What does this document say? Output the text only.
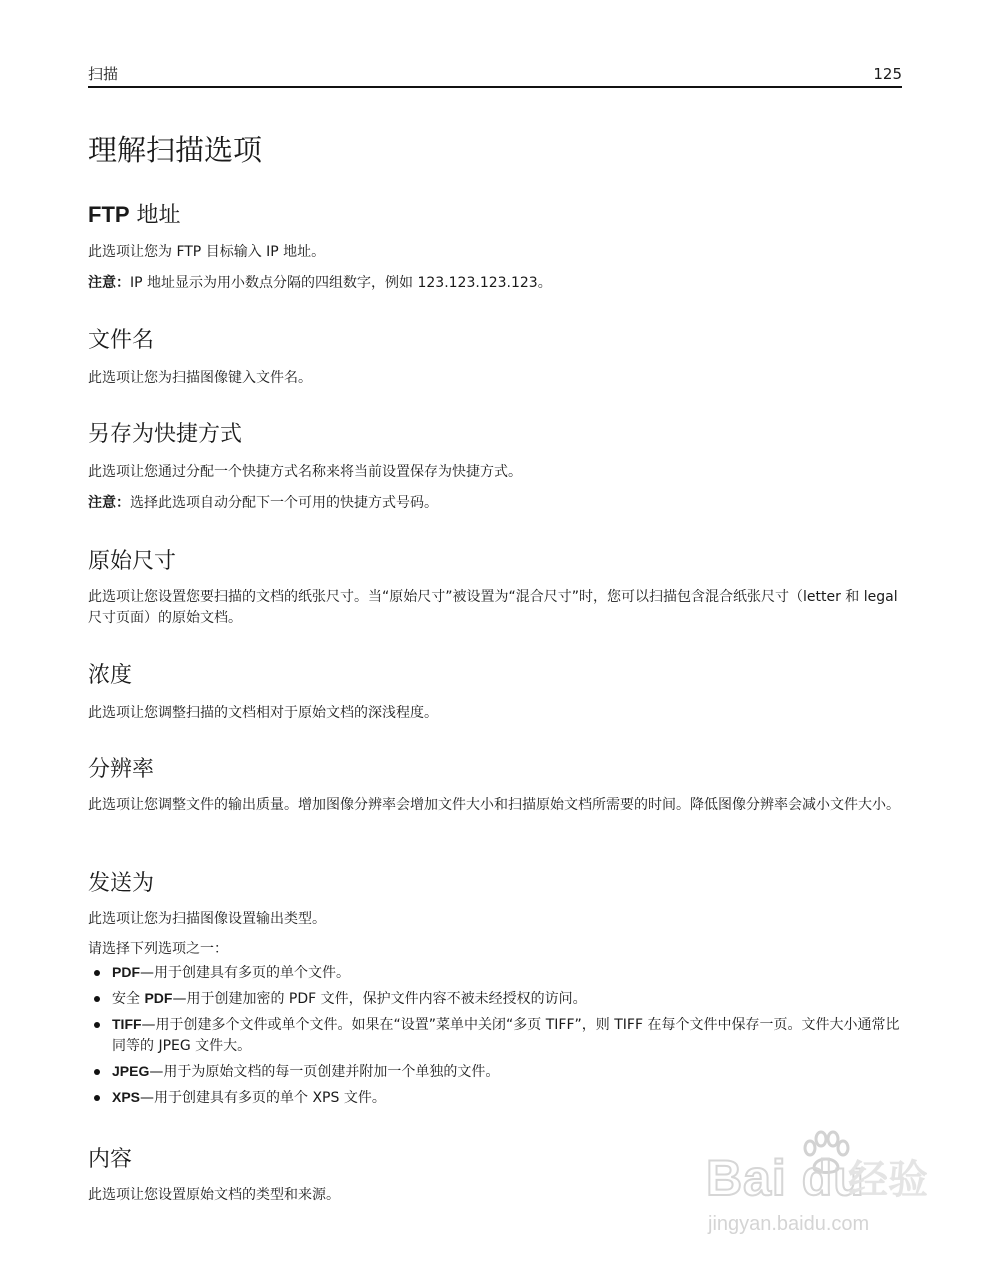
扫描	125
理解扫描选项
FTP 地址

此选项让您为 FTP 目标输入 IP 地址。

注意：IP 地址显示为用小数点分隔的四组数字，例如 123.123.123.123。

文件名

此选项让您为扫描图像键入文件名。

另存为快捷方式

此选项让您通过分配一个快捷方式名称来将当前设置保存为快捷方式。

注意：选择此选项自动分配下一个可用的快捷方式号码。

原始尺寸

此选项让您设置您要扫描的文档的纸张尺寸。当“原始尺寸”被设置为“混合尺寸”时，您可以扫描包含混合纸张尺寸（letter 和 legal 尺寸页面）的原始文档。

浓度

此选项让您调整扫描的文档相对于原始文档的深浅程度。

分辨率

此选项让您调整文件的输出质量。增加图像分辨率会增加文件大小和扫描原始文档所需要的时间。降低图像分辨率会减小文件大小。

发送为

此选项让您为扫描图像设置输出类型。

请选择下列选项之一：

PDF—用于创建具有多页的单个文件。
安全 PDF—用于创建加密的 PDF 文件，保护文件内容不被未经授权的访问。
TIFF—用于创建多个文件或单个文件。如果在“设置”菜单中关闭“多页 TIFF”，则 TIFF 在每个文件中保存一页。文件大小通常比同等的 JPEG 文件大。
JPEG—用于为原始文档的每一页创建并附加一个单独的文件。
XPS—用于创建具有多页的单个 XPS 文件。
内容

此选项让您设置原始文档的类型和来源。	Bai du
经验
jingyan.baidu.com
